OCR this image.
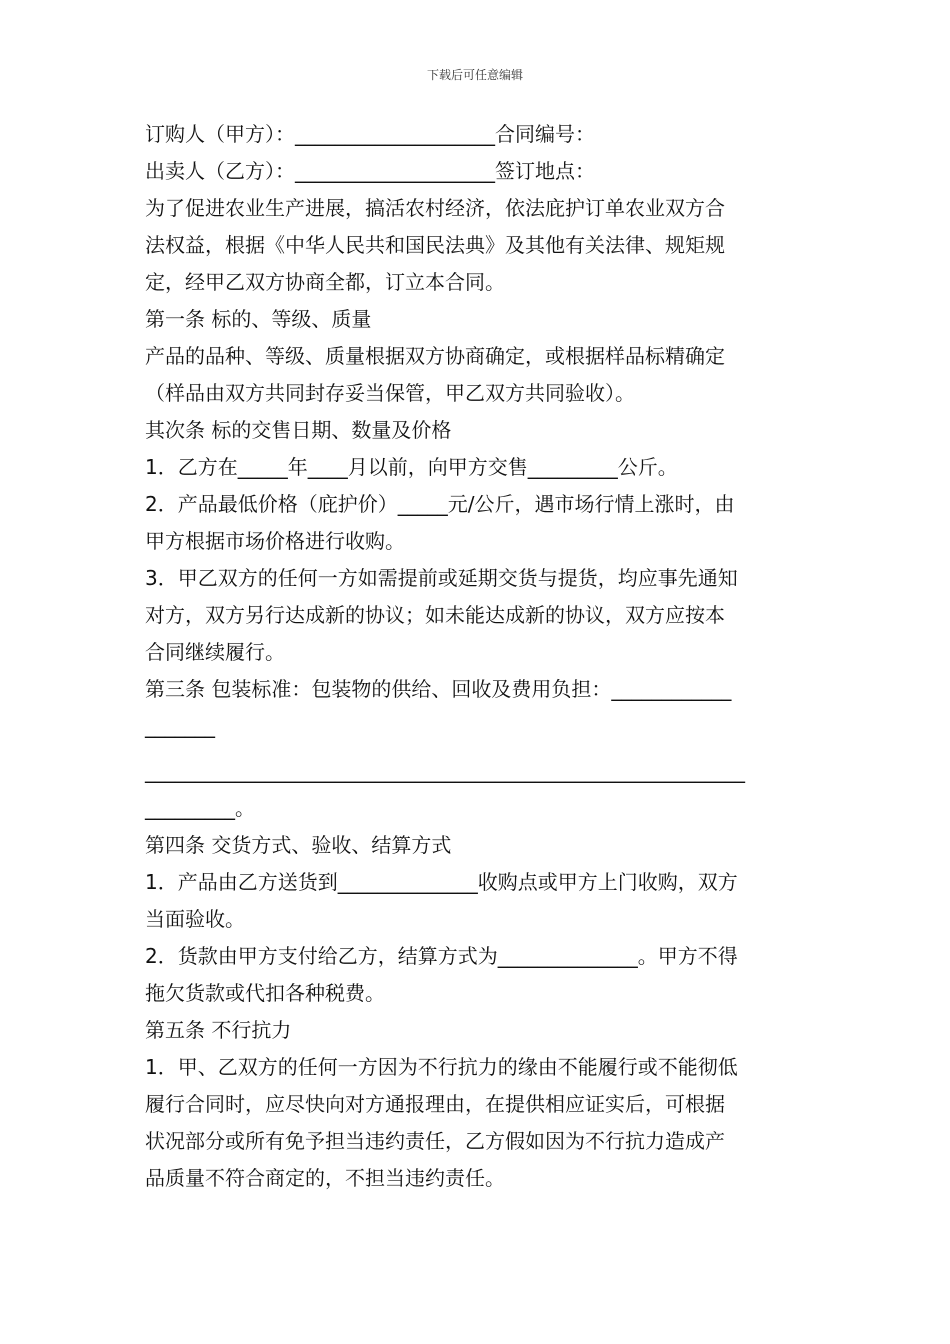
下载后可任意编辑
订购人（甲方）：____________________合同编号：
出卖人（乙方）：____________________签订地点：
为了促进农业生产进展，搞活农村经济，依法庇护订单农业双方合
法权益，根据《中华人民共和国民法典》及其他有关法律、规矩规
定，经甲乙双方协商全都，订立本合同。
第一条 标的、等级、质量
产品的品种、等级、质量根据双方协商确定，或根据样品标精确定
（样品由双方共同封存妥当保管，甲乙双方共同验收）。
其次条 标的交售日期、数量及价格
1．乙方在_____年____月以前，向甲方交售_________公斤。
2．产品最低价格（庇护价）_____元/公斤，遇市场行情上涨时，由
甲方根据市场价格进行收购。
3．甲乙双方的任何一方如需提前或延期交货与提货，均应事先通知
对方，双方另行达成新的协议；如未能达成新的协议，双方应按本
合同继续履行。
第三条 包装标准：包装物的供给、回收及费用负担：____________
_______
____________________________________________________________
_________。
第四条 交货方式、验收、结算方式
1．产品由乙方送货到______________收购点或甲方上门收购，双方
当面验收。
2．货款由甲方支付给乙方，结算方式为______________。甲方不得
拖欠货款或代扣各种税费。
第五条 不行抗力
1．甲、乙双方的任何一方因为不行抗力的缘由不能履行或不能彻低
履行合同时，应尽快向对方通报理由，在提供相应证实后，可根据
状况部分或所有免予担当违约责任，乙方假如因为不行抗力造成产
品质量不符合商定的，不担当违约责任。
